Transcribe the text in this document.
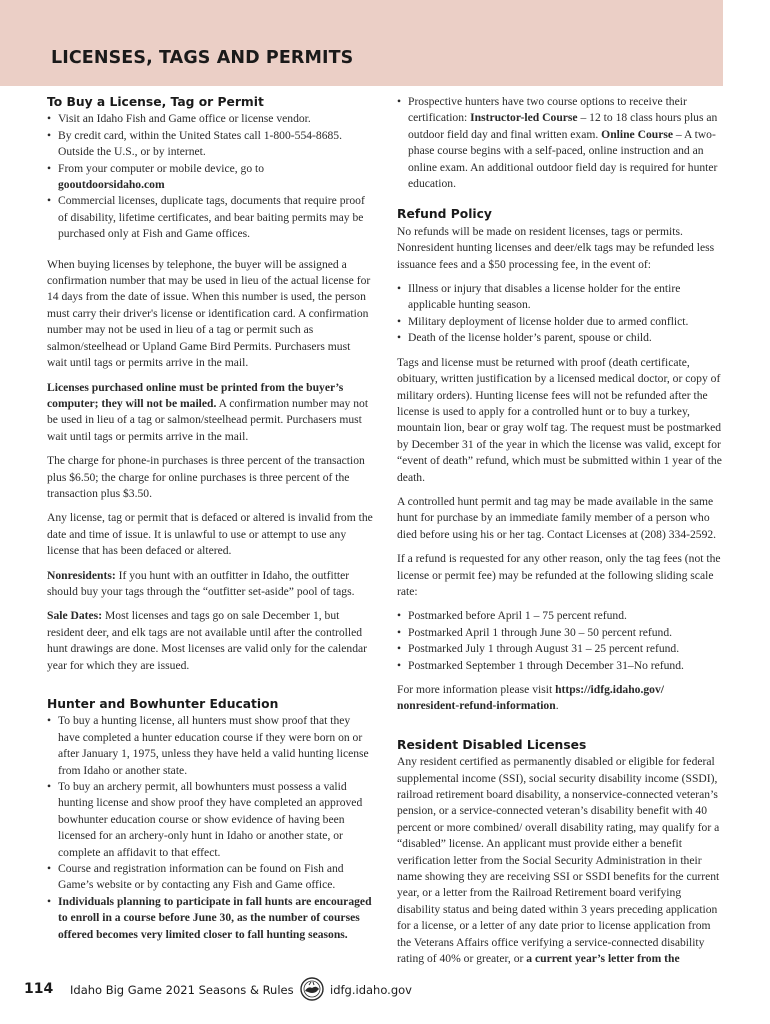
LICENSES, TAGS AND PERMITS
To Buy a License, Tag or Permit
• Visit an Idaho Fish and Game office or license vendor.
• By credit card, within the United States call 1-800-554-8685. Outside the U.S., or by internet.
• From your computer or mobile device, go to
gooutdoorsidaho.com
• Commercial licenses, duplicate tags, documents that require proof of disability, lifetime certificates, and bear baiting permits may be purchased only at Fish and Game offices.

When buying licenses by telephone, the buyer will be assigned a confirmation number that may be used in lieu of the actual license for 14 days from the date of issue. When this number is used, the person must carry their driver's license or identification card. A confirmation number may not be used in lieu of a tag or permit such as salmon/steelhead or Upland Game Bird Permits. Purchasers must wait until tags or permits arrive in the mail.

Licenses purchased online must be printed from the buyer’s computer; they will not be mailed. A confirmation number may not be used in lieu of a tag or salmon/steelhead permit. Purchasers must wait until tags or permits arrive in the mail.

The charge for phone-in purchases is three percent of the transaction plus $6.50; the charge for online purchases is three percent of the transaction plus $3.50.

Any license, tag or permit that is defaced or altered is invalid from the date and time of issue. It is unlawful to use or attempt to use any license that has been defaced or altered.

Nonresidents: If you hunt with an outfitter in Idaho, the outfitter should buy your tags through the “outfitter set-aside” pool of tags.

Sale Dates: Most licenses and tags go on sale December 1, but resident deer, and elk tags are not available until after the controlled hunt drawings are done. Most licenses are valid only for the calendar year for which they are issued.

Hunter and Bowhunter Education
• To buy a hunting license, all hunters must show proof that they have completed a hunter education course if they were born on or after January 1, 1975, unless they have held a valid hunting license from Idaho or another state.
• To buy an archery permit, all bowhunters must possess a valid hunting license and show proof they have completed an approved bowhunter education course or show evidence of having been licensed for an archery-only hunt in Idaho or another state, or complete an affidavit to that effect.
• Course and registration information can be found on Fish and Game’s website or by contacting any Fish and Game office.
• Individuals planning to participate in fall hunts are encouraged to enroll in a course before June 30, as the number of courses offered becomes very limited closer to fall hunting seasons.
• Prospective hunters have two course options to receive their certification: Instructor-led Course – 12 to 18 class hours plus an outdoor field day and final written exam. Online Course – A two-phase course begins with a self-paced, online instruction and an online exam. An additional outdoor field day is required for hunter education.
Refund Policy

No refunds will be made on resident licenses, tags or permits. Nonresident hunting licenses and deer/elk tags may be refunded less issuance fees and a $50 processing fee, in the event of:

• Illness or injury that disables a license holder for the entire applicable hunting season.
• Military deployment of license holder due to armed conflict.
• Death of the license holder’s parent, spouse or child.

Tags and license must be returned with proof (death certificate, obituary, written justification by a licensed medical doctor, or copy of military orders). Hunting license fees will not be refunded after the license is used to apply for a controlled hunt or to buy a turkey, mountain lion, bear or gray wolf tag. The request must be postmarked by December 31 of the year in which the license was valid, except for “event of death” refund, which must be submitted within 1 year of the death.

A controlled hunt permit and tag may be made available in the same hunt for purchase by an immediate family member of a person who died before using his or her tag. Contact Licenses at (208) 334-2592.

If a refund is requested for any other reason, only the tag fees (not the license or permit fee) may be refunded at the following sliding scale rate:

• Postmarked before April 1 – 75 percent refund.
• Postmarked April 1 through June 30 – 50 percent refund.
• Postmarked July 1 through August 31 – 25 percent refund.
• Postmarked September 1 through December 31–No refund.

For more information please visit https://idfg.idaho.gov/ nonresident-refund-information.

Resident Disabled Licenses

Any resident certified as permanently disabled or eligible for federal supplemental income (SSI), social security disability income (SSDI), railroad retirement board disability, a nonservice-connected veteran’s pension, or a service-connected veteran’s disability benefit with 40 percent or more combined/ overall disability rating, may qualify for a “disabled” license. An applicant must provide either a benefit verification letter from the Social Security Administration in their name showing they are receiving SSI or SSDI benefits for the current year, or a letter from the Railroad Retirement board verifying disability status and being dated within 3 years preceding application for a license, or a letter of any date prior to license application from the Veterans Affairs office verifying a service-connected disability rating of 40% or greater, or a current year’s letter from the

114 Idaho Big Game 2021 Seasons & Rules	idfg.idaho.gov
